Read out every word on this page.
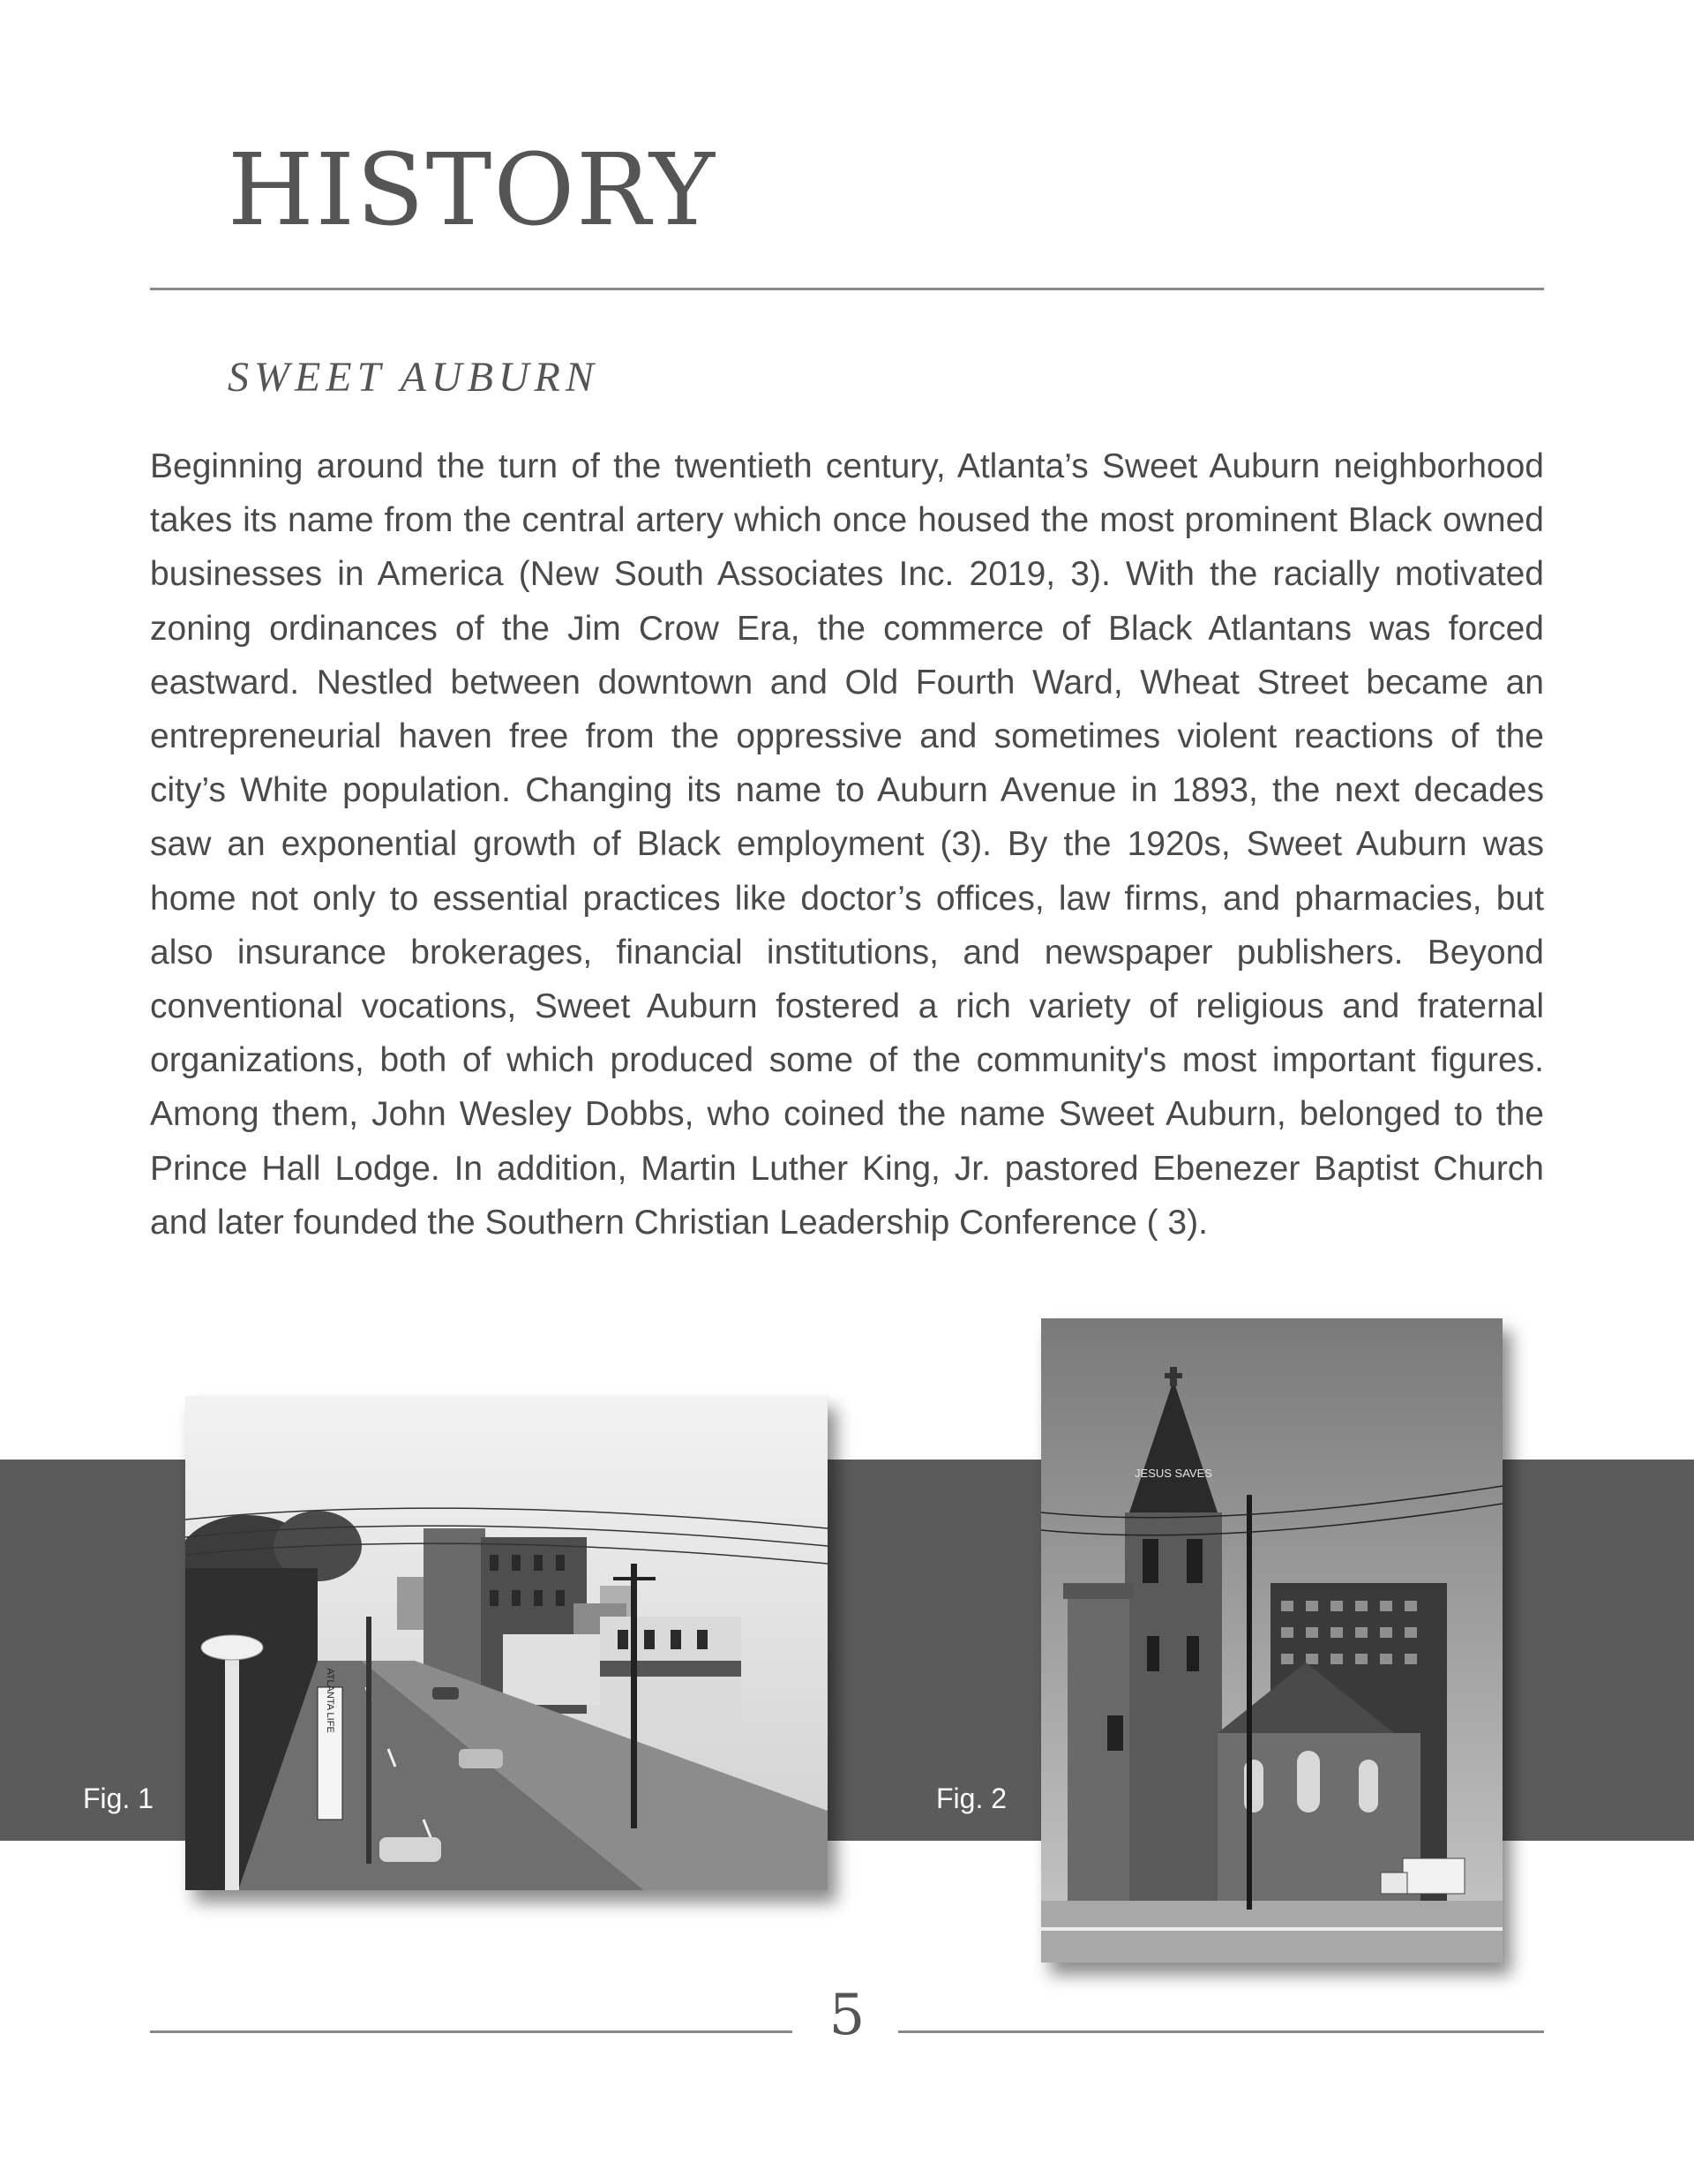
HISTORY
SWEET AUBURN

Beginning around the turn of the twentieth century, Atlanta’s Sweet Auburn neighborhood takes its name from the central artery which once housed the most prominent Black owned businesses in America (New South Associates Inc. 2019, 3). With the racially motivated zoning ordinances of the Jim Crow Era, the commerce of Black Atlantans was forced eastward. Nestled between downtown and Old Fourth Ward, Wheat Street became an entrepreneurial haven free from the oppressive and sometimes violent reactions of the city’s White population. Changing its name to Auburn Avenue in 1893, the next decades saw an exponential growth of Black employment (3). By the 1920s, Sweet Auburn was home not only to essential practices like doctor’s offices, law firms, and pharmacies, but also insurance brokerages, financial institutions, and newspaper publishers. Beyond conventional vocations, Sweet Auburn fostered a rich variety of religious and fraternal organizations, both of which produced some of the community's most important figures. Among them, John Wesley Dobbs, who coined the name Sweet Auburn, belonged to the Prince Hall Lodge. In addition, Martin Luther King, Jr. pastored Ebenezer Baptist Church and later founded the Southern Christian Leadership Conference ( 3).

Fig. 1	Fig. 2
ATLANTA LIFE
JESUS SAVES
5
